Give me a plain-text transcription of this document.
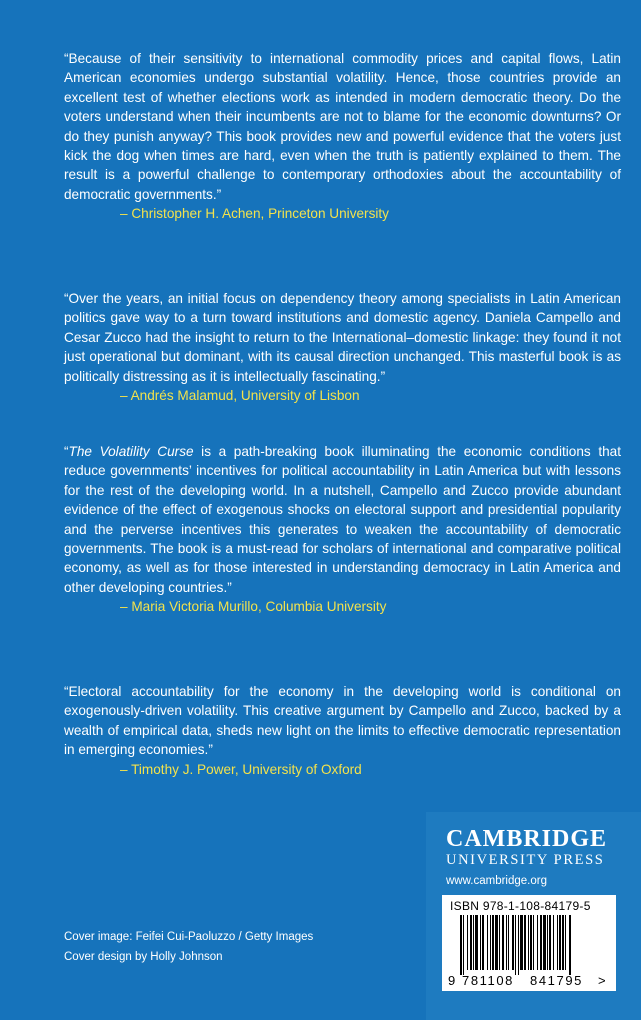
“Because of their sensitivity to international commodity prices and capital flows, Latin American economies undergo substantial volatility. Hence, those countries provide an excellent test of whether elections work as intended in modern democratic theory. Do the voters understand when their incumbents are not to blame for the economic downturns? Or do they punish anyway? This book provides new and powerful evidence that the voters just kick the dog when times are hard, even when the truth is patiently explained to them. The result is a powerful challenge to contemporary orthodoxies about the accountability of democratic governments.”
– Christopher H. Achen, Princeton University
“Over the years, an initial focus on dependency theory among specialists in Latin American politics gave way to a turn toward institutions and domestic agency. Daniela Campello and Cesar Zucco had the insight to return to the International–domestic linkage: they found it not just operational but dominant, with its causal direction unchanged. This masterful book is as politically distressing as it is intellectually fascinating.”
– Andrés Malamud, University of Lisbon
“The Volatility Curse is a path-breaking book illuminating the economic conditions that reduce governments’ incentives for political accountability in Latin America but with lessons for the rest of the developing world. In a nutshell, Campello and Zucco provide abundant evidence of the effect of exogenous shocks on electoral support and presidential popularity and the perverse incentives this generates to weaken the accountability of democratic governments. The book is a must-read for scholars of international and comparative political economy, as well as for those interested in understanding democracy in Latin America and other developing countries.”
– Maria Victoria Murillo, Columbia University
“Electoral accountability for the economy in the developing world is conditional on exogenously-driven volatility. This creative argument by Campello and Zucco, backed by a wealth of empirical data, sheds new light on the limits to effective democratic representation in emerging economies.”
– Timothy J. Power, University of Oxford
CAMBRIDGE
UNIVERSITY PRESS
www.cambridge.org
ISBN 978-1-108-84179-5
9 781108 841795 >
Cover image: Feifei Cui-Paoluzzo / Getty Images
Cover design by Holly Johnson
